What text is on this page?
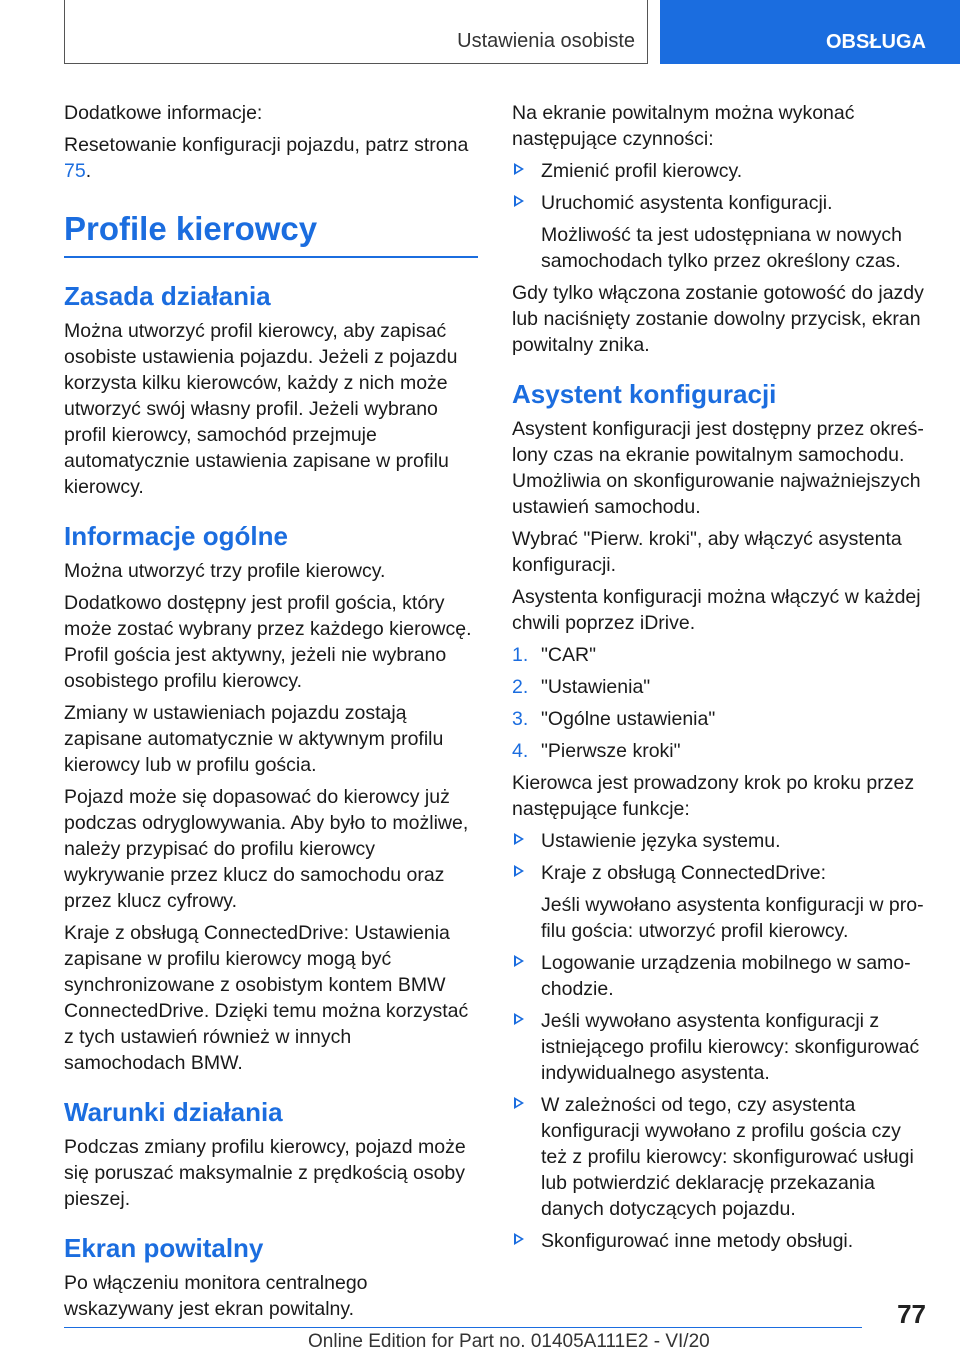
Ustawienia osobiste	OBSŁUGA

Dodatkowe informacje:

Resetowanie konfiguracji pojazdu, patrz strona 75.

Profile kierowcy
Zasada działania

Można utworzyć profil kierowcy, aby zapisać osobiste ustawienia pojazdu. Jeżeli z pojazdu korzysta kilku kierowców, każdy z nich może utworzyć swój własny profil. Jeżeli wybrano profil kierowcy, samochód przejmuje automatycznie ustawienia zapisane w profilu kierowcy.

Informacje ogólne

Można utworzyć trzy profile kierowcy.

Dodatkowo dostępny jest profil gościa, który może zostać wybrany przez każdego kierowcę. Profil gościa jest aktywny, jeżeli nie wybrano osobistego profilu kierowcy.

Zmiany w ustawieniach pojazdu zostają zapisane automatycznie w aktywnym profilu kierowcy lub w profilu gościa.

Pojazd może się dopasować do kierowcy już podczas odryglowywania. Aby było to możliwe, należy przypisać do profilu kierowcy wykrywanie przez klucz do samochodu oraz przez klucz cyfrowy.

Kraje z obsługą ConnectedDrive: Ustawienia zapisane w profilu kierowcy mogą być synchronizowane z osobistym kontem BMW ConnectedDrive. Dzięki temu można korzystać z tych ustawień również w innych samochodach BMW.

Warunki działania

Podczas zmiany profilu kierowcy, pojazd może się poruszać maksymalnie z prędkością osoby pieszej.

Ekran powitalny

Po włączeniu monitora centralnego wskazywany jest ekran powitalny.

Na ekranie powitalnym można wykonać następujące czynności:

Zmienić profil kierowcy.
Uruchomić asystenta konfiguracji.

Możliwość ta jest udostępniana w nowych samochodach tylko przez określony czas.

Gdy tylko włączona zostanie gotowość do jazdy lub naciśnięty zostanie dowolny przycisk, ekran powitalny znika.

Asystent konfiguracji

Asystent konfiguracji jest dostępny przez określony czas na ekranie powitalnym samochodu. Umożliwia on skonfigurowanie najważniejszych ustawień samochodu.

Wybrać "Pierw. kroki", aby włączyć asystenta konfiguracji.

Asystenta konfiguracji można włączyć w każdej chwili poprzez iDrive.

1. "CAR"
2. "Ustawienia"
3. "Ogólne ustawienia"
4. "Pierwsze kroki"

Kierowca jest prowadzony krok po kroku przez następujące funkcje:

Ustawienie języka systemu.
Kraje z obsługą ConnectedDrive:

Jeśli wywołano asystenta konfiguracji w profilu gościa: utworzyć profil kierowcy.

Logowanie urządzenia mobilnego w samochodzie.
Jeśli wywołano asystenta konfiguracji z istniejącego profilu kierowcy: skonfigurować indywidualnego asystenta.
W zależności od tego, czy asystenta konfiguracji wywołano z profilu gościa czy też z profilu kierowcy: skonfigurować usługi lub potwierdzić deklarację przekazania danych dotyczących pojazdu.
Skonfigurować inne metody obsługi.
77
Online Edition for Part no. 01405A111E2 - VI/20
